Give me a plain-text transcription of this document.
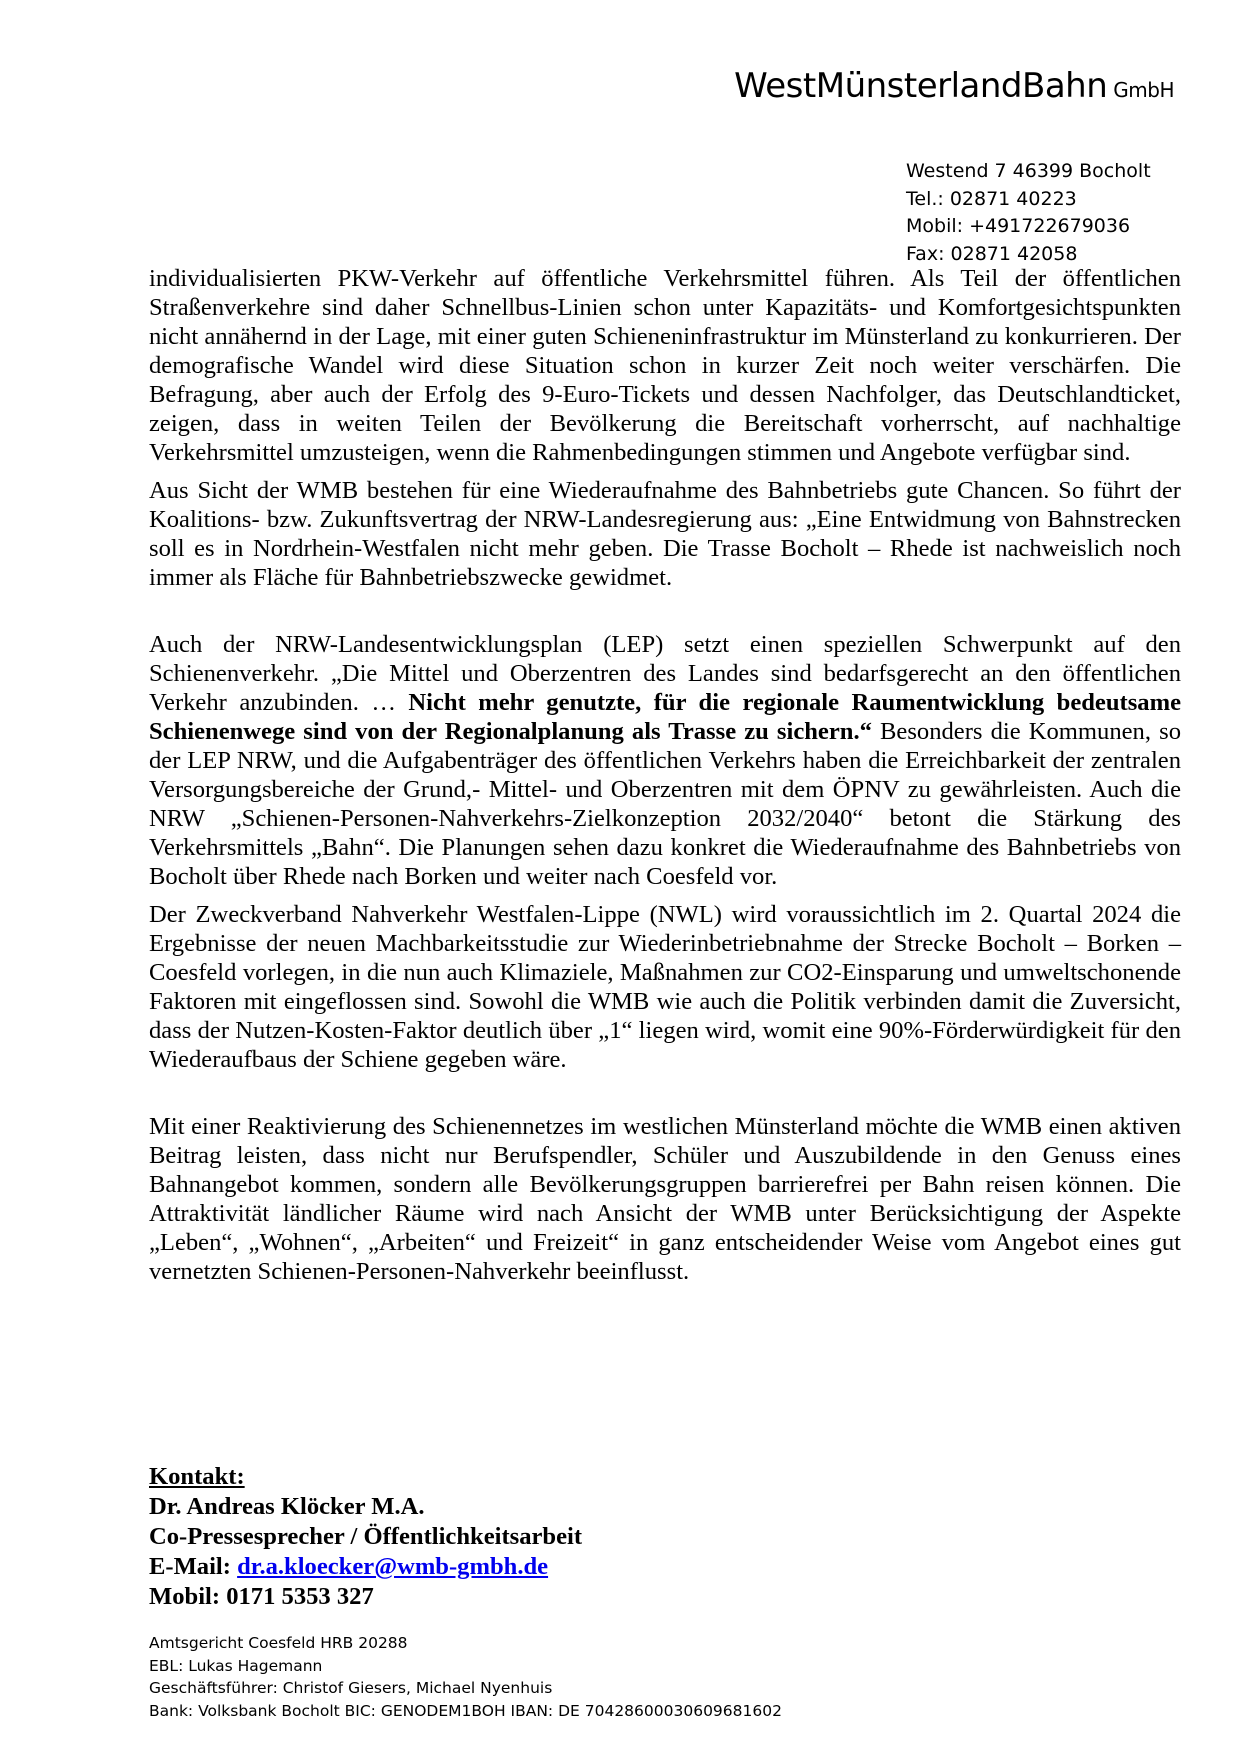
WestMünsterlandBahn GmbH
Westend 7 46399 Bocholt
Tel.: 02871 40223
Mobil: +491722679036
Fax: 02871 42058

individualisierten PKW-Verkehr auf öffentliche Verkehrsmittel führen. Als Teil der öffentlichen Straßenverkehre sind daher Schnellbus-Linien schon unter Kapazitäts- und Komfortgesichtspunkten nicht annähernd in der Lage, mit einer guten Schieneninfrastruktur im Münsterland zu konkurrieren. Der demografische Wandel wird diese Situation schon in kurzer Zeit noch weiter verschärfen. Die Befragung, aber auch der Erfolg des 9-Euro-Tickets und dessen Nachfolger, das Deutschlandticket, zeigen, dass in weiten Teilen der Bevölkerung die Bereitschaft vorherrscht, auf nachhaltige Verkehrsmittel umzusteigen, wenn die Rahmenbedingungen stimmen und Angebote verfügbar sind.

Aus Sicht der WMB bestehen für eine Wiederaufnahme des Bahnbetriebs gute Chancen. So führt der Koalitions- bzw. Zukunftsvertrag der NRW-Landesregierung aus: „Eine Entwidmung von Bahnstrecken soll es in Nordrhein-Westfalen nicht mehr geben. Die Trasse Bocholt – Rhede ist nachweislich noch immer als Fläche für Bahnbetriebszwecke gewidmet.

Auch der NRW-Landesentwicklungsplan (LEP) setzt einen speziellen Schwerpunkt auf den Schienenverkehr. „Die Mittel und Oberzentren des Landes sind bedarfsgerecht an den öffentlichen Verkehr anzubinden. … Nicht mehr genutzte, für die regionale Raumentwicklung bedeutsame Schienenwege sind von der Regionalplanung als Trasse zu sichern.“ Besonders die Kommunen, so der LEP NRW, und die Aufgabenträger des öffentlichen Verkehrs haben die Erreichbarkeit der zentralen Versorgungsbereiche der Grund,- Mittel- und Oberzentren mit dem ÖPNV zu gewährleisten. Auch die NRW „Schienen-Personen-Nahverkehrs-Zielkonzeption 2032/2040“ betont die Stärkung des Verkehrsmittels „Bahn“. Die Planungen sehen dazu konkret die Wiederaufnahme des Bahnbetriebs von Bocholt über Rhede nach Borken und weiter nach Coesfeld vor.

Der Zweckverband Nahverkehr Westfalen-Lippe (NWL) wird voraussichtlich im 2. Quartal 2024 die Ergebnisse der neuen Machbarkeitsstudie zur Wiederinbetriebnahme der Strecke Bocholt – Borken – Coesfeld vorlegen, in die nun auch Klimaziele, Maßnahmen zur CO2-Einsparung und umweltschonende Faktoren mit eingeflossen sind. Sowohl die WMB wie auch die Politik verbinden damit die Zuversicht, dass der Nutzen-Kosten-Faktor deutlich über „1“ liegen wird, womit eine 90%-Förderwürdigkeit für den Wiederaufbaus der Schiene gegeben wäre.

Mit einer Reaktivierung des Schienennetzes im westlichen Münsterland möchte die WMB einen aktiven Beitrag leisten, dass nicht nur Berufspendler, Schüler und Auszubildende in den Genuss eines Bahnangebot kommen, sondern alle Bevölkerungsgruppen barrierefrei per Bahn reisen können. Die Attraktivität ländlicher Räume wird nach Ansicht der WMB unter Berücksichtigung der Aspekte „Leben“, „Wohnen“, „Arbeiten“ und Freizeit“ in ganz entscheidender Weise vom Angebot eines gut vernetzten Schienen-Personen-Nahverkehr beeinflusst.

Kontakt:
Dr. Andreas Klöcker M.A.
Co-Pressesprecher / Öffentlichkeitsarbeit
E-Mail: dr.a.kloecker@wmb-gmbh.de
Mobil: 0171 5353 327
Amtsgericht Coesfeld HRB 20288
EBL: Lukas Hagemann
Geschäftsführer: Christof Giesers, Michael Nyenhuis
Bank: Volksbank Bocholt BIC: GENODEM1BOH IBAN: DE 70428600030609681602
